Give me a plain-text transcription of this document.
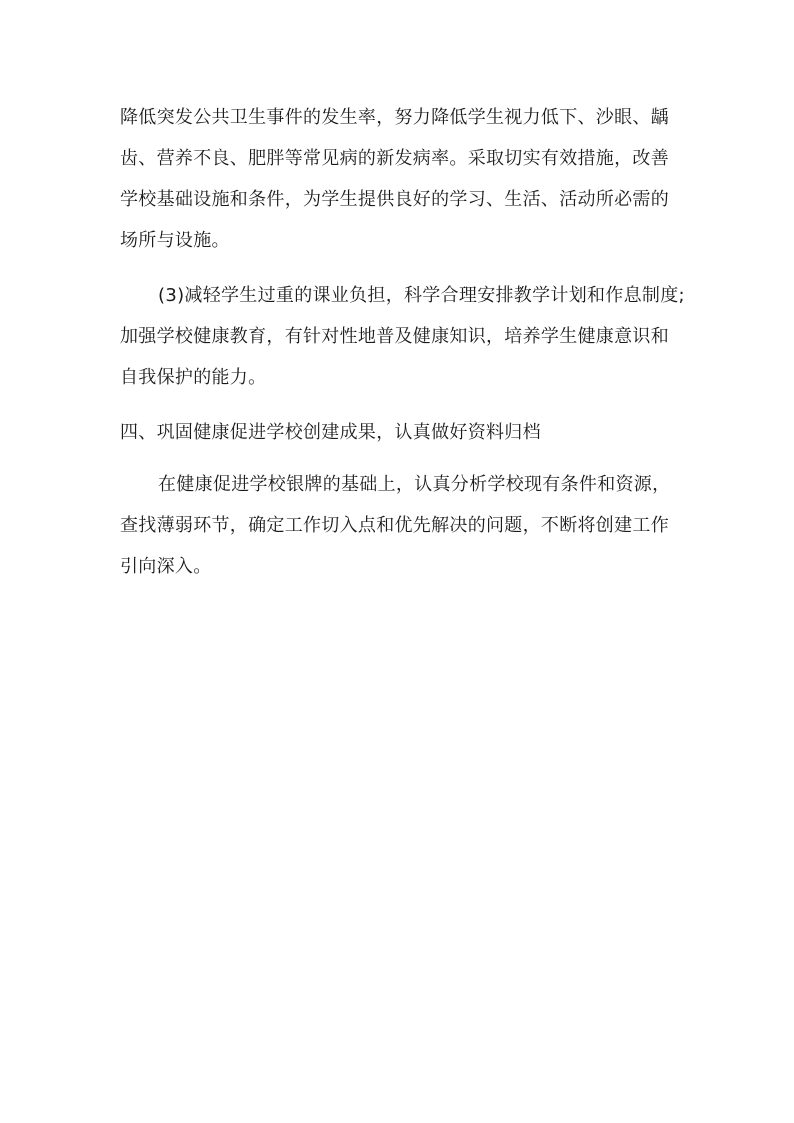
降低突发公共卫生事件的发生率，努力降低学生视力低下、沙眼、龋
齿、营养不良、肥胖等常见病的新发病率。采取切实有效措施，改善
学校基础设施和条件，为学生提供良好的学习、生活、活动所必需的
场所与设施。
(3)减轻学生过重的课业负担，科学合理安排教学计划和作息制度;
加强学校健康教育，有针对性地普及健康知识，培养学生健康意识和
自我保护的能力。
四、巩固健康促进学校创建成果，认真做好资料归档
在健康促进学校银牌的基础上，认真分析学校现有条件和资源，
查找薄弱环节，确定工作切入点和优先解决的问题，不断将创建工作
引向深入。
